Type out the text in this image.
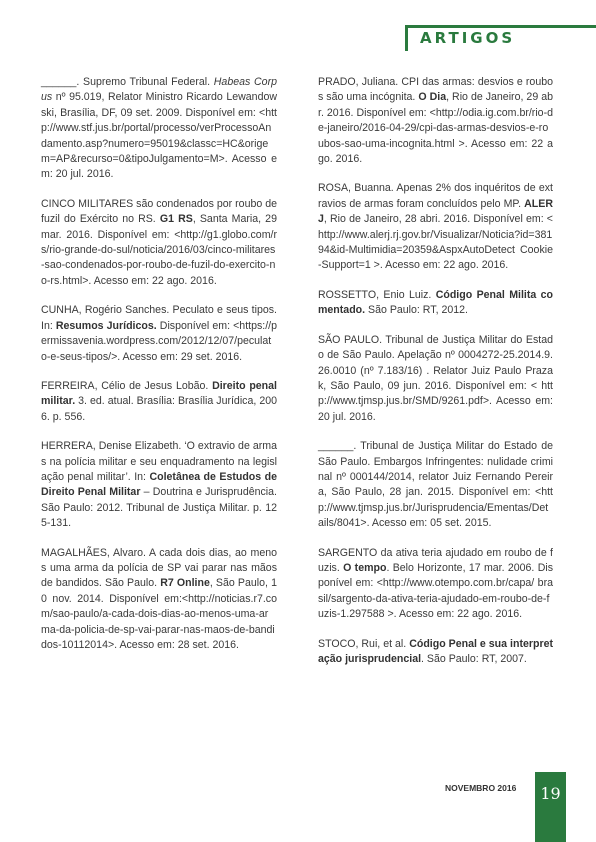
ARTIGOS

______. Supremo Tribunal Federal. Habeas Corpus nº 95.019, Relator Ministro Ricardo Lewandowski, Brasília, DF, 09 set. 2009. Disponível em: <http://www.stf.jus.br/portal/processo/verProcessoAndamento.asp?numero=95019&classc=HC&origem=AP&recurso=0&tipoJulgamento=M>. Acesso em: 20 jul. 2016.

CINCO MILITARES são condenados por roubo de fuzil do Exército no RS. G1 RS, Santa Maria, 29 mar. 2016. Disponível em: <http://g1.globo.com/rs/rio-grande-do-sul/noticia/2016/03/cinco-militares-sao-condenados-por-roubo-de-fuzil-do-exercito-no-rs.html>. Acesso em: 22 ago. 2016.

CUNHA, Rogério Sanches. Peculato e seus tipos. In: Resumos Jurídicos. Disponível em: <https://permissavenia.wordpress.com/2012/12/07/peculato-e-seus-tipos/>. Acesso em: 29 set. 2016.

FERREIRA, Célio de Jesus Lobão. Direito penal militar. 3. ed. atual. Brasília: Brasília Jurídica, 2006. p. 556.

HERRERA, Denise Elizabeth. ‘O extravio de armas na polícia militar e seu enquadramento na legislação penal militar’. In: Coletânea de Estudos de Direito Penal Militar – Doutrina e Jurisprudência. São Paulo: 2012. Tribunal de Justiça Militar. p. 125-131.

MAGALHÃES, Alvaro. A cada dois dias, ao menos uma arma da polícia de SP vai parar nas mãos de bandidos. São Paulo. R7 Online, São Paulo, 10 nov. 2014. Disponível em:<http://noticias.r7.com/sao-paulo/a-cada-dois-dias-ao-menos-uma-arma-da-policia-de-sp-vai-parar-nas-maos-de-bandidos-10112014>. Acesso em: 28 set. 2016.

PRADO, Juliana. CPI das armas: desvios e roubos são uma incógnita. O Dia, Rio de Janeiro, 29 abr. 2016. Disponível em: <http://odia.ig.com.br/rio-de-janeiro/2016-04-29/cpi-das-armas-desvios-e-roubos-sao-uma-incognita.html >. Acesso em: 22 ago. 2016.

ROSA, Buanna. Apenas 2% dos inquéritos de extravios de armas foram concluídos pelo MP. ALERJ, Rio de Janeiro, 28 abri. 2016. Disponível em: < http://www.alerj.rj.gov.br/Visualizar/Noticia?id=38194&id-Multimidia=20359&AspxAutoDetect Cookie-Support=1 >. Acesso em: 22 ago. 2016.

ROSSETTO, Enio Luiz. Código Penal Milita comentado. São Paulo: RT, 2012.

SÃO PAULO. Tribunal de Justiça Militar do Estado de São Paulo. Apelação nº 0004272-25.2014.9.26.0010 (nº 7.183/16) . Relator Juiz Paulo Prazak, São Paulo, 09 jun. 2016. Disponível em: < http://www.tjmsp.jus.br/SMD/9261.pdf>. Acesso em: 20 jul. 2016.

______. Tribunal de Justiça Militar do Estado de São Paulo. Embargos Infringentes: nulidade criminal nº 000144/2014, relator Juiz Fernando Pereira, São Paulo, 28 jan. 2015. Disponível em: <http://www.tjmsp.jus.br/Jurisprudencia/Ementas/Details/8041>. Acesso em: 05 set. 2015.

SARGENTO da ativa teria ajudado em roubo de fuzis. O tempo. Belo Horizonte, 17 mar. 2006. Disponível em: <http://www.otempo.com.br/capa/ brasil/sargento-da-ativa-teria-ajudado-em-roubo-de-fuzis-1.297588 >. Acesso em: 22 ago. 2016.

STOCO, Rui, et al. Código Penal e sua interpretação jurisprudencial. São Paulo: RT, 2007.

NOVEMBRO 2016	19
